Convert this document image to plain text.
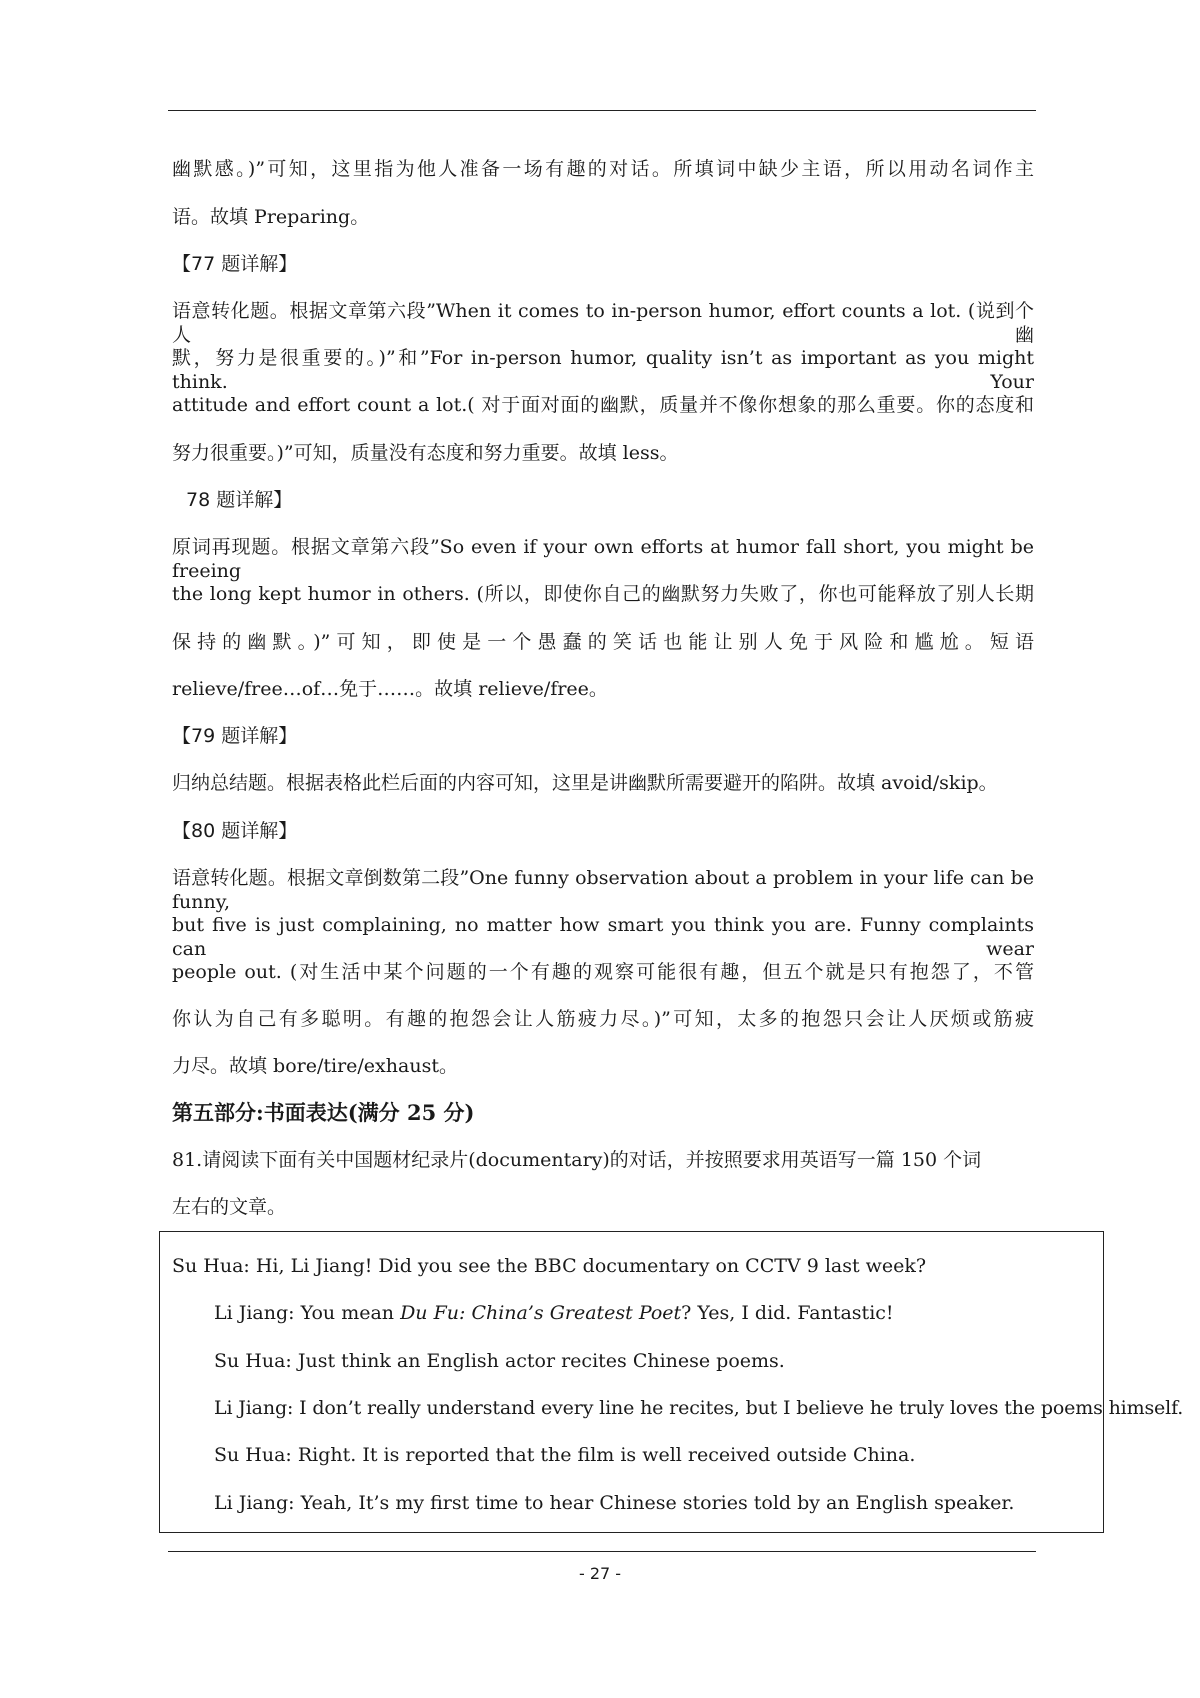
幽默感。)”可知，这里指为他人准备一场有趣的对话。所填词中缺少主语，所以用动名词作主
语。故填 Preparing。
【77 题详解】
语意转化题。根据文章第六段”When it comes to in-person humor, effort counts a lot. (说到个人幽
默，努力是很重要的。)”和”For in-person humor, quality isn’t as important as you might think. Your
attitude and effort count a lot.( 对于面对面的幽默，质量并不像你想象的那么重要。你的态度和
努力很重要。)”可知，质量没有态度和努力重要。故填 less。
78 题详解】
原词再现题。根据文章第六段”So even if your own efforts at humor fall short, you might be freeing
the long kept humor in others. (所以，即使你自己的幽默努力失败了，你也可能释放了别人长期
保持的幽默。)”可知，即使是一个愚蠢的笑话也能让别人免于风险和尴尬。短语
relieve/free…of…免于……。故填 relieve/free。
【79 题详解】
归纳总结题。根据表格此栏后面的内容可知，这里是讲幽默所需要避开的陷阱。故填 avoid/skip。
【80 题详解】
语意转化题。根据文章倒数第二段”One funny observation about a problem in your life can be funny,
but five is just complaining, no matter how smart you think you are. Funny complaints can wear
people out. (对生活中某个问题的一个有趣的观察可能很有趣，但五个就是只有抱怨了，不管
你认为自己有多聪明。有趣的抱怨会让人筋疲力尽。)”可知，太多的抱怨只会让人厌烦或筋疲
力尽。故填 bore/tire/exhaust。
第五部分:书面表达(满分 25 分)
81.请阅读下面有关中国题材纪录片(documentary)的对话，并按照要求用英语写一篇 150 个词
左右的文章。
Su Hua: Hi, Li Jiang! Did you see the BBC documentary on CCTV 9 last week?
Li Jiang: You mean Du Fu: China’s Greatest Poet? Yes, I did. Fantastic!
Su Hua: Just think an English actor recites Chinese poems.
Li Jiang: I don’t really understand every line he recites, but I believe he truly loves the poems himself.
Su Hua: Right. It is reported that the film is well received outside China.
Li Jiang: Yeah, It’s my first time to hear Chinese stories told by an English speaker.
- 27 -
